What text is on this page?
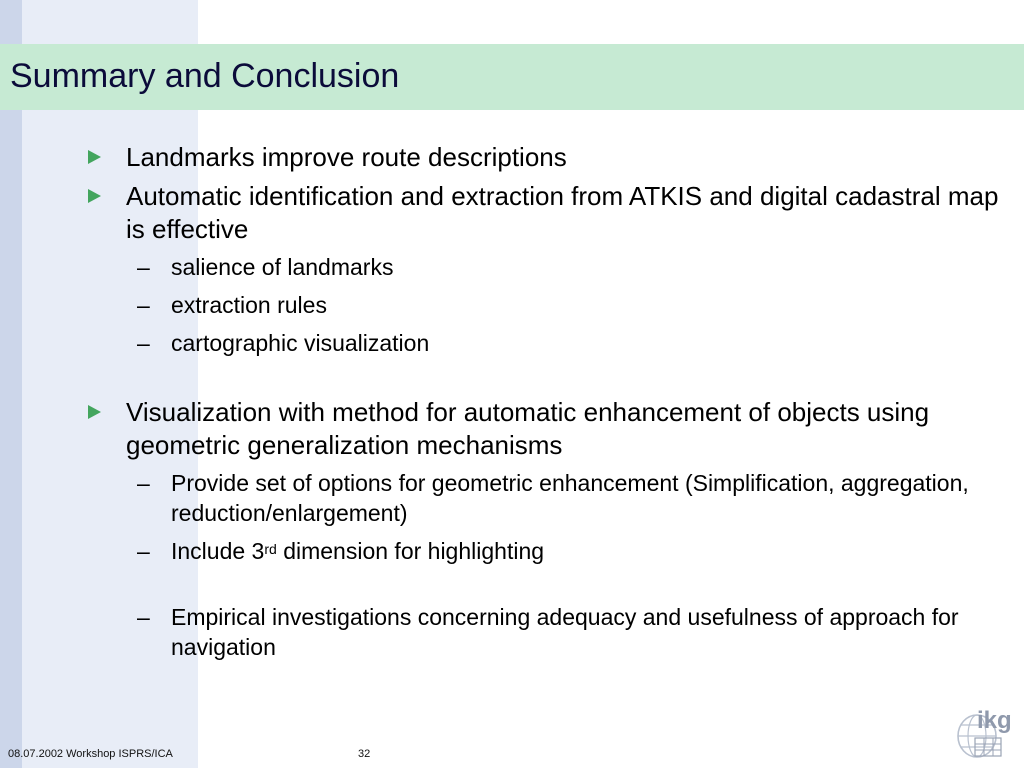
Summary and Conclusion
Landmarks improve route descriptions
Automatic identification and extraction from ATKIS and digital cadastral map is effective
– salience of landmarks
– extraction rules
– cartographic visualization
Visualization with method for automatic enhancement of objects using geometric generalization mechanisms
– Provide set of options for geometric enhancement (Simplification, aggregation, reduction/enlargement)
– Include 3rd dimension for highlighting
– Empirical investigations concerning adequacy and usefulness of approach for navigation
08.07.2002 Workshop ISPRS/ICA	32
ikg
